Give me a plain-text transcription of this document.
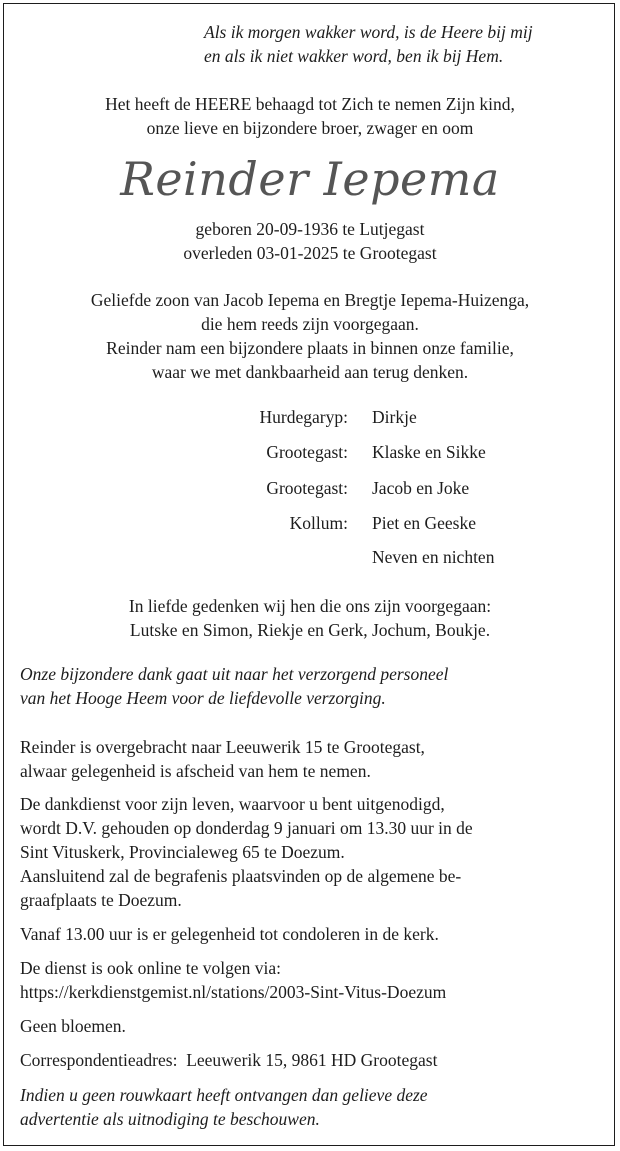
Als ik morgen wakker word, is de Heere bij mij
en als ik niet wakker word, ben ik bij Hem.
Het heeft de HEERE behaagd tot Zich te nemen Zijn kind,
onze lieve en bijzondere broer, zwager en oom
Reinder Iepema
geboren 20-09-1936 te Lutjegast
overleden 03-01-2025 te Grootegast
Geliefde zoon van Jacob Iepema en Bregtje Iepema-Huizenga,
die hem reeds zijn voorgegaan.
Reinder nam een bijzondere plaats in binnen onze familie,
waar we met dankbaarheid aan terug denken.
Hurdegaryp: Dirkje
Grootegast: Klaske en Sikke
Grootegast: Jacob en Joke
Kollum: Piet en Geeske
Neven en nichten
In liefde gedenken wij hen die ons zijn voorgegaan:
Lutske en Simon, Riekje en Gerk, Jochum, Boukje.
Onze bijzondere dank gaat uit naar het verzorgend personeel
van het Hooge Heem voor de liefdevolle verzorging.
Reinder is overgebracht naar Leeuwerik 15 te Grootegast,
alwaar gelegenheid is afscheid van hem te nemen.
De dankdienst voor zijn leven, waarvoor u bent uitgenodigd,
wordt D.V. gehouden op donderdag 9 januari om 13.30 uur in de
Sint Vituskerk, Provincialeweg 65 te Doezum.
Aansluitend zal de begrafenis plaatsvinden op de algemene be-
graafplaats te Doezum.
Vanaf 13.00 uur is er gelegenheid tot condoleren in de kerk.
De dienst is ook online te volgen via:
https://kerkdienstgemist.nl/stations/2003-Sint-Vitus-Doezum
Geen bloemen.
Correspondentieadres:  Leeuwerik 15, 9861 HD Grootegast
Indien u geen rouwkaart heeft ontvangen dan gelieve deze
advertentie als uitnodiging te beschouwen.
